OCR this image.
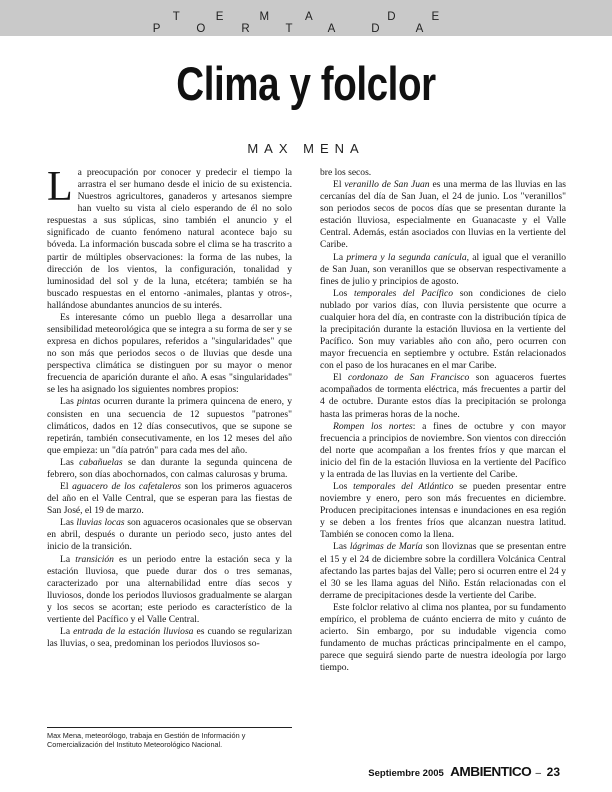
TEMA DE PORTADA
Clima y folclor
MAX MENA

La preocupación por conocer y predecir el tiempo la arrastra el ser humano desde el inicio de su existencia. Nuestros agricultores, ganaderos y artesanos siempre han vuelto su vista al cielo esperando de él no solo respuestas a sus súplicas, sino también el anuncio y el significado de cuanto fenómeno natural acontece bajo su bóveda. La información buscada sobre el clima se ha trascrito a partir de múltiples observaciones: la forma de las nubes, la dirección de los vientos, la configuración, tonalidad y luminosidad del sol y de la luna, etcétera; también se ha buscado respuestas en el entorno -animales, plantas y otros-, hallándose abundantes anuncios de su interés.

Es interesante cómo un pueblo llega a desarrollar una sensibilidad meteorológica que se integra a su forma de ser y se expresa en dichos populares, referidos a "singularidades" que no son más que periodos secos o de lluvias que desde una perspectiva climática se distinguen por su mayor o menor frecuencia de aparición durante el año. A esas "singularidades" se les ha asignado los siguientes nombres propios:

Las pintas ocurren durante la primera quincena de enero, y consisten en una secuencia de 12 supuestos "patrones" climáticos, dados en 12 días consecutivos, que se supone se repetirán, también consecutivamente, en los 12 meses del año que empieza: un "día patrón" para cada mes del año.

Las cabañuelas se dan durante la segunda quincena de febrero, son días abochornados, con calmas calurosas y bruma.

El aguacero de los cafetaleros son los primeros aguaceros del año en el Valle Central, que se esperan para las fiestas de San José, el 19 de marzo.

Las lluvias locas son aguaceros ocasionales que se observan en abril, después o durante un periodo seco, justo antes del inicio de la transición.

La transición es un periodo entre la estación seca y la estación lluviosa, que puede durar dos o tres semanas, caracterizado por una alternabilidad entre días secos y lluviosos, donde los periodos lluviosos gradualmente se alargan y los secos se acortan; este periodo es característico de la vertiente del Pacífico y el Valle Central.

La entrada de la estación lluviosa es cuando se regularizan las lluvias, o sea, predominan los periodos lluviosos so-

bre los secos.

El veranillo de San Juan es una merma de las lluvias en las cercanías del día de San Juan, el 24 de junio. Los "veranillos" son periodos secos de pocos días que se presentan durante la estación lluviosa, especialmente en Guanacaste y el Valle Central. Además, están asociados con lluvias en la vertiente del Caribe.

La primera y la segunda canícula, al igual que el veranillo de San Juan, son veranillos que se observan respectivamente a fines de julio y principios de agosto.

Los temporales del Pacífico son condiciones de cielo nublado por varios días, con lluvia persistente que ocurre a cualquier hora del día, en contraste con la distribución típica de la precipitación durante la estación lluviosa en la vertiente del Pacífico. Son muy variables año con año, pero ocurren con mayor frecuencia en septiembre y octubre. Están relacionados con el paso de los huracanes en el mar Caribe.

El cordonazo de San Francisco son aguaceros fuertes acompañados de tormenta eléctrica, más frecuentes a partir del 4 de octubre. Durante estos días la precipitación se prolonga hasta las primeras horas de la noche.

Rompen los nortes: a fines de octubre y con mayor frecuencia a principios de noviembre. Son vientos con dirección del norte que acompañan a los frentes fríos y que marcan el inicio del fin de la estación lluviosa en la vertiente del Pacífico y la entrada de las lluvias en la vertiente del Caribe.

Los temporales del Atlántico se pueden presentar entre noviembre y enero, pero son más frecuentes en diciembre. Producen precipitaciones intensas e inundaciones en esa región y se deben a los frentes fríos que alcanzan nuestra latitud. También se conocen como la llena.

Las lágrimas de María son lloviznas que se presentan entre el 15 y el 24 de diciembre sobre la cordillera Volcánica Central afectando las partes bajas del Valle; pero si ocurren entre el 24 y el 30 se les llama aguas del Niño. Están relacionadas con el derrame de precipitaciones desde la vertiente del Caribe.

Este folclor relativo al clima nos plantea, por su fundamento empírico, el problema de cuánto encierra de mito y cuánto de acierto. Sin embargo, por su indudable vigencia como fundamento de muchas prácticas principalmente en el campo, parece que seguirá siendo parte de nuestra ideología por largo tiempo.

Max Mena, meteorólogo, trabaja en Gestión de Información y Comercialización del Instituto Meteorológico Nacional.
Septiembre 2005 AMBIENTICO – 23
